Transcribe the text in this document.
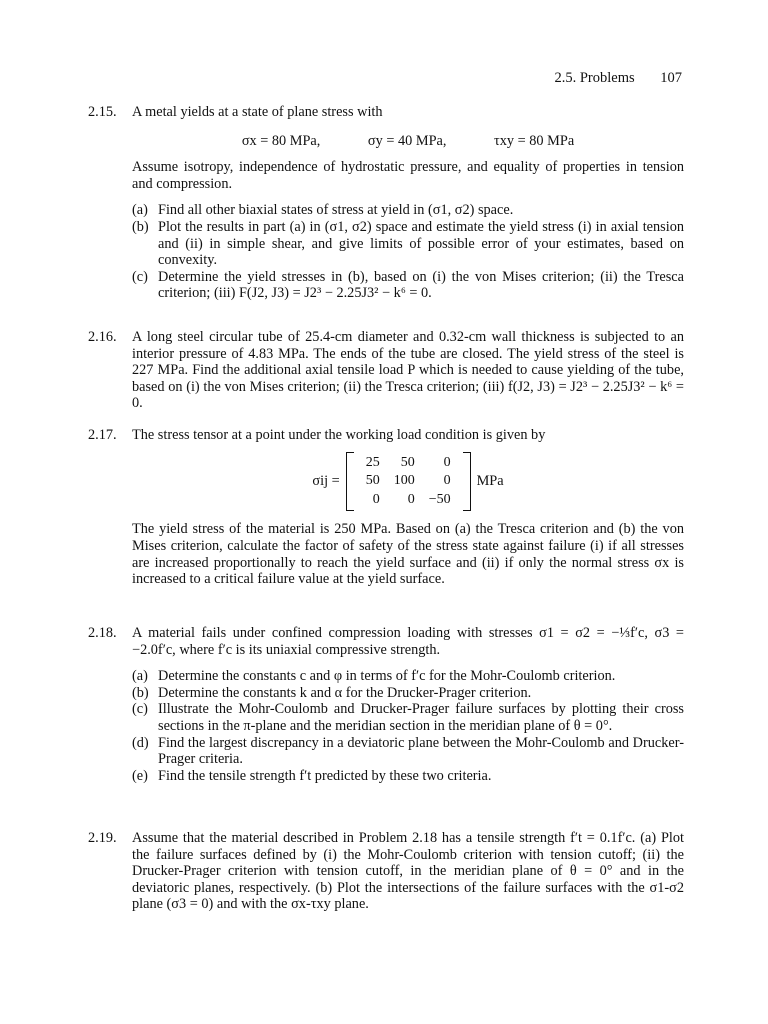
2.5. Problems 107
2.15. A metal yields at a state of plane stress with

σx = 80 MPa,	σy = 40 MPa,	τxy = 80 MPa

Assume isotropy, independence of hydrostatic pressure, and equality of properties in tension and compression.

(a) Find all other biaxial states of stress at yield in (σ1, σ2) space.
(b) Plot the results in part (a) in (σ1, σ2) space and estimate the yield stress (i) in axial tension and (ii) in simple shear, and give limits of possible error of your estimates, based on convexity.
(c) Determine the yield stresses in (b), based on (i) the von Mises criterion; (ii) the Tresca criterion; (iii) F(J2, J3) = J2³ − 2.25J3² − k⁶ = 0.
2.16. A long steel circular tube of 25.4-cm diameter and 0.32-cm wall thickness is subjected to an interior pressure of 4.83 MPa. The ends of the tube are closed. The yield stress of the steel is 227 MPa. Find the additional axial tensile load P which is needed to cause yielding of the tube, based on (i) the von Mises criterion; (ii) the Tresca criterion; (iii) f(J2, J3) = J2³ − 2.25J3² − k⁶ = 0.

2.17. The stress tensor at a point under the working load condition is given by

σij =
25	50	0
50	100	0
0	0	−50
MPa

The yield stress of the material is 250 MPa. Based on (a) the Tresca criterion and (b) the von Mises criterion, calculate the factor of safety of the stress state against failure (i) if all stresses are increased proportionally to reach the yield surface and (ii) if only the normal stress σx is increased to a critical failure value at the yield surface.

2.18. A material fails under confined compression loading with stresses σ1 = σ2 = −⅓f′c, σ3 = −2.0f′c, where f′c is its uniaxial compressive strength.

(a) Determine the constants c and φ in terms of f′c for the Mohr-Coulomb criterion.
(b) Determine the constants k and α for the Drucker-Prager criterion.
(c) Illustrate the Mohr-Coulomb and Drucker-Prager failure surfaces by plotting their cross sections in the π-plane and the meridian section in the meridian plane of θ = 0°.
(d) Find the largest discrepancy in a deviatoric plane between the Mohr-Coulomb and Drucker-Prager criteria.
(e) Find the tensile strength f′t predicted by these two criteria.
2.19. Assume that the material described in Problem 2.18 has a tensile strength f′t = 0.1f′c. (a) Plot the failure surfaces defined by (i) the Mohr-Coulomb criterion with tension cutoff; (ii) the Drucker-Prager criterion with tension cutoff, in the meridian plane of θ = 0° and in the deviatoric planes, respectively. (b) Plot the intersections of the failure surfaces with the σ1-σ2 plane (σ3 = 0) and with the σx-τxy plane.
